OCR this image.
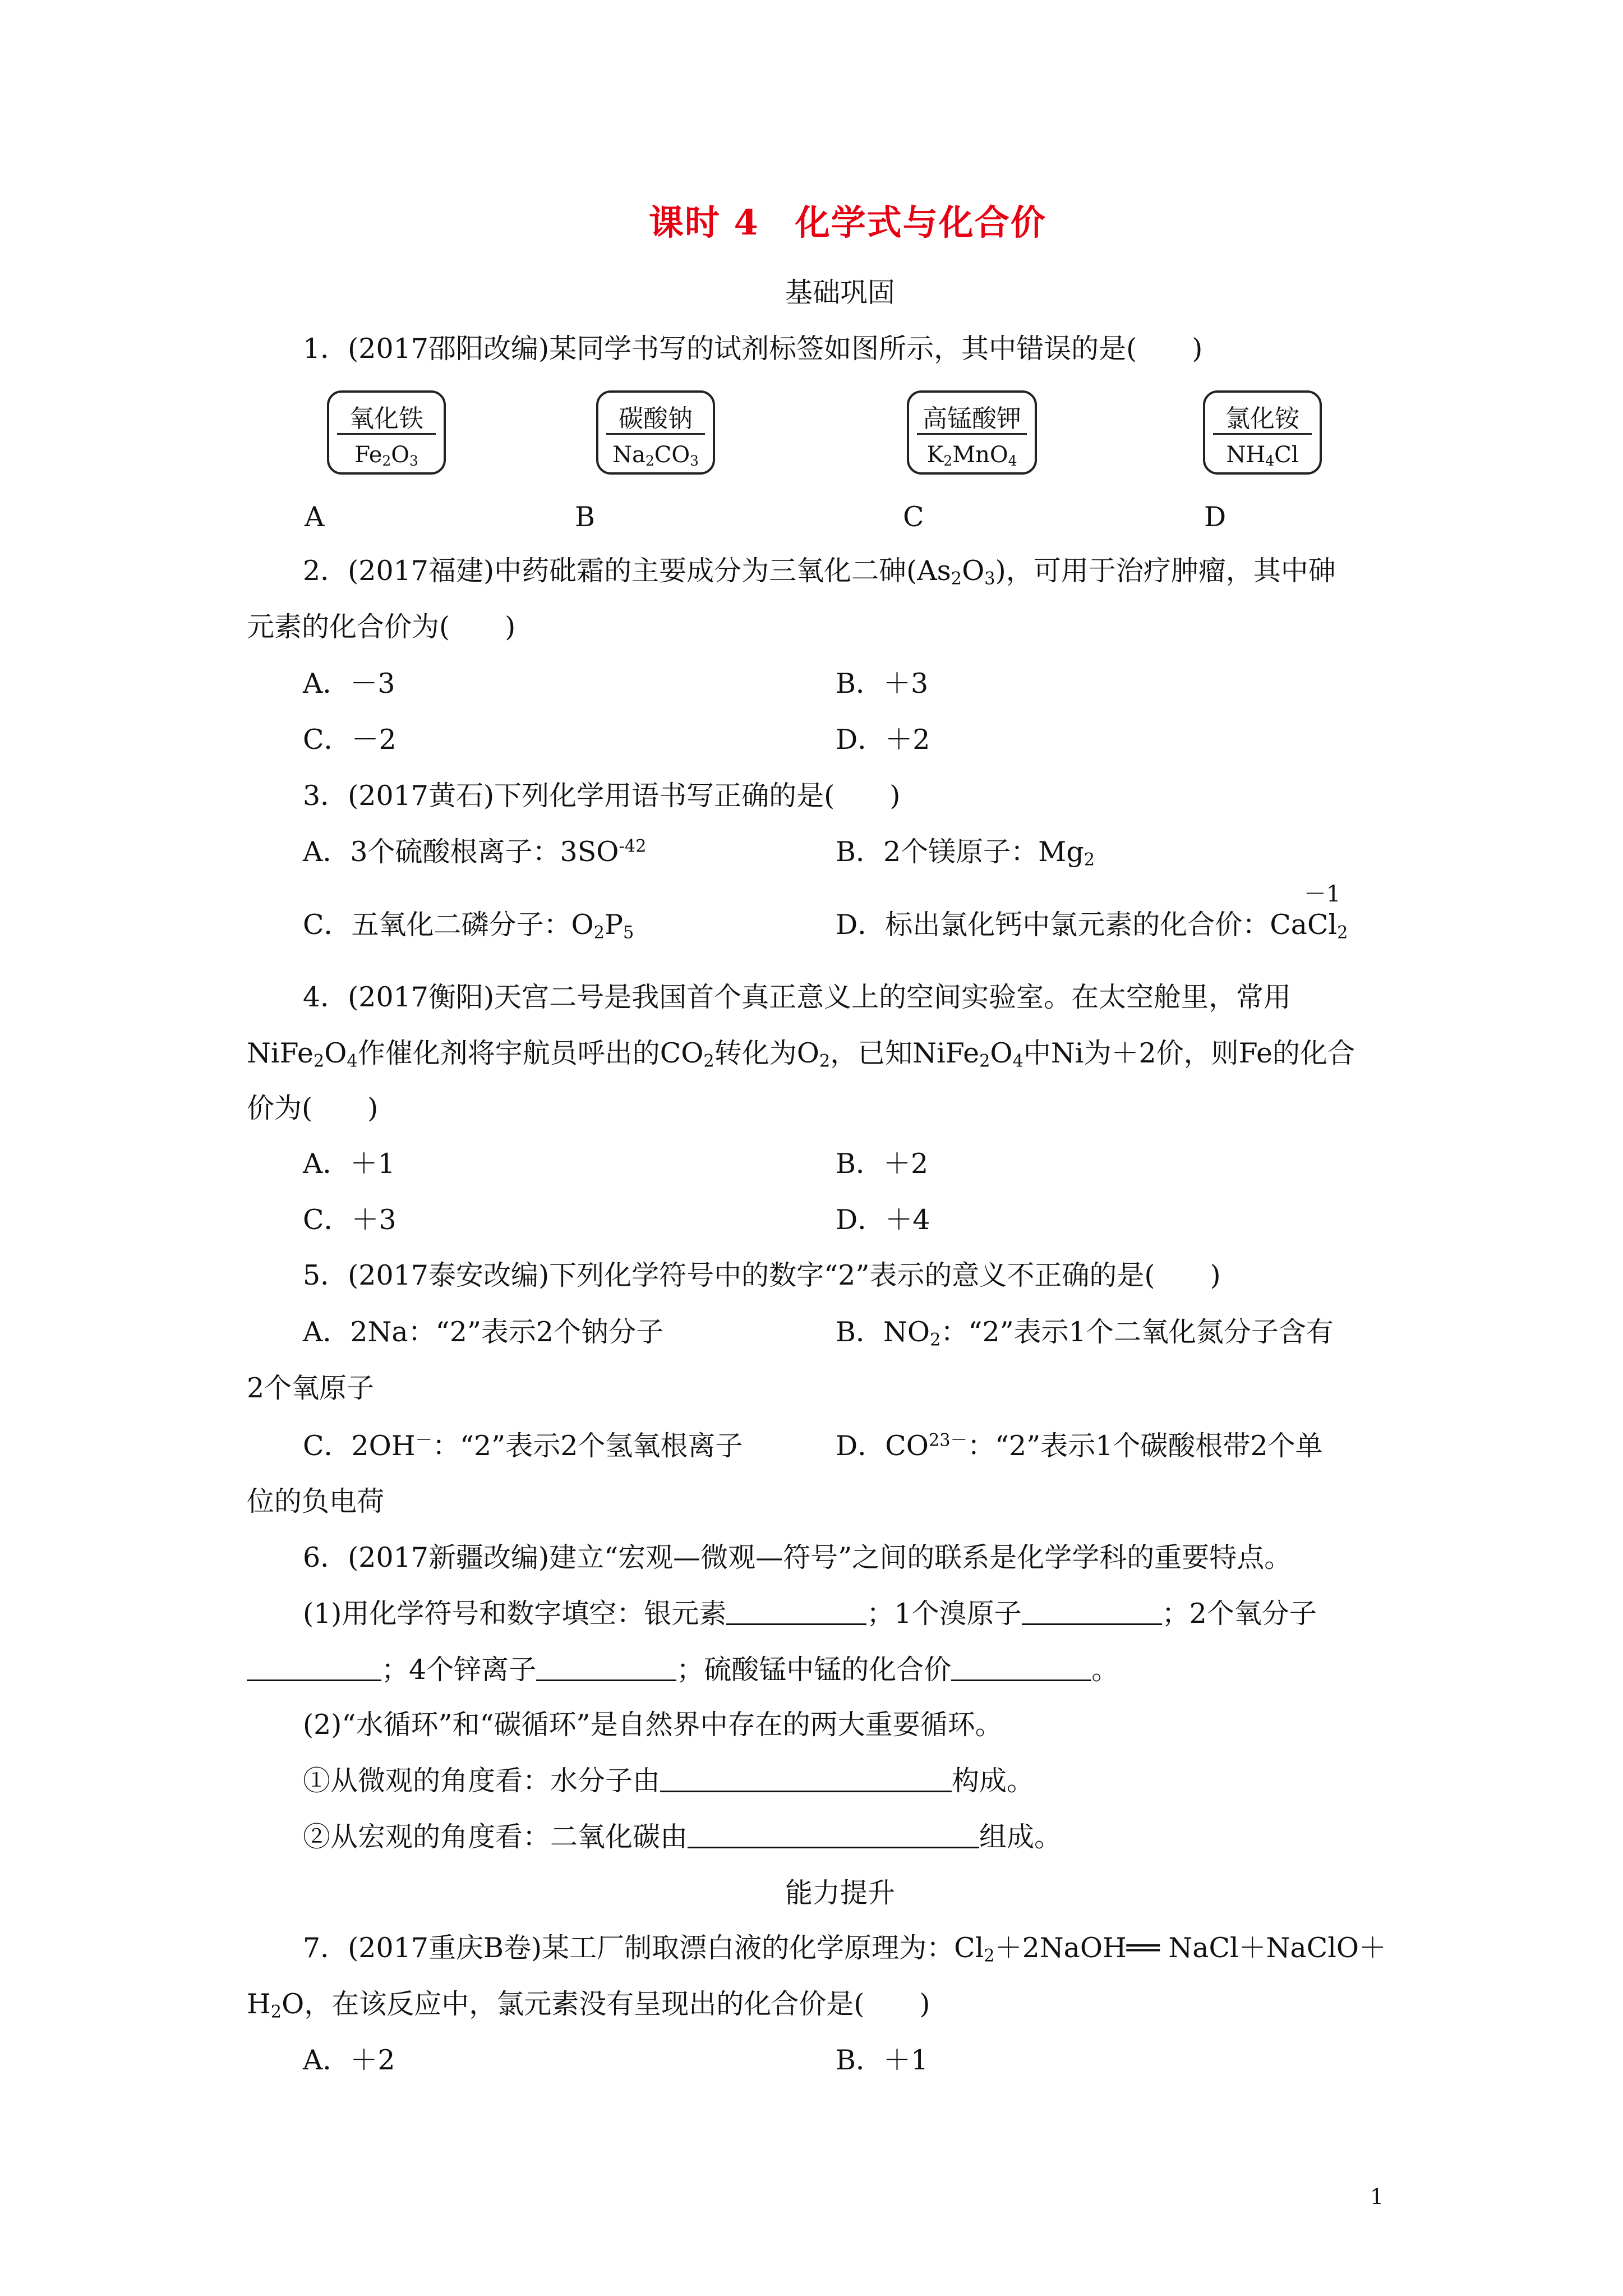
课时 4　化学式与化合价
基础巩固
1．(2017邵阳改编)某同学书写的试剂标签如图所示，其中错误的是(　　)
氧化铁
$Fe_2O_3$
碳酸钠
$Na_2CO_3$
高锰酸钾
$K_2MnO_4$
氯化铵
$NH_4Cl$
A	B	C	D
2．(2017福建)中药砒霜的主要成分为三氧化二砷$(As_2O_3)$，可用于治疗肿瘤，其中砷
元素的化合价为(　　)
A．－3	B．＋3
C．－2	D．＋2
3．(2017黄石)下列化学用语书写正确的是(　　)
A．3个硫酸根离子：$3SO^{-42}$	B．2个镁原子：$Mg_2$
C．五氧化二磷分子：$O_2P_5$	D．标出氯化钙中氯元素的化合价：Ca
－1
$Cl_2$
4．(2017衡阳)天宫二号是我国首个真正意义上的空间实验室。在太空舱里，常用
$NiFe_2O_4$作催化剂将宇航员呼出的$CO_2$转化为$O_2$，已知$NiFe_2O_4$中Ni为＋2价，则Fe的化合
价为(　　)
A．＋1	B．＋2
C．＋3	D．＋4
5．(2017泰安改编)下列化学符号中的数字“2”表示的意义不正确的是(　　)
A．2Na：“2”表示2个钠分子	B．$NO_2$：“2”表示1个二氧化氮分子含有
2个氧原子
C．2OH－：“2”表示2个氢氧根离子	D．$CO^{23-}$：“2”表示1个碳酸根带2个单
位的负电荷
6．(2017新疆改编)建立“宏观—微观—符号”之间的联系是化学学科的重要特点。
(1)用化学符号和数字填空：银元素	；1个溴原子	；2个氧分子
；4个锌离子	；硫酸锰中锰的化合价	。
(2)“水循环”和“碳循环”是自然界中存在的两大重要循环。
①从微观的角度看：水分子由	构成。
②从宏观的角度看：二氧化碳由	组成。
能力提升
7．(2017重庆B卷)某工厂制取漂白液的化学原理为：$Cl_2+2NaOH══$ NaCl＋NaClO＋
$H_2O$，在该反应中，氯元素没有呈现出的化合价是(　　)
A．＋2	B．＋1
1
